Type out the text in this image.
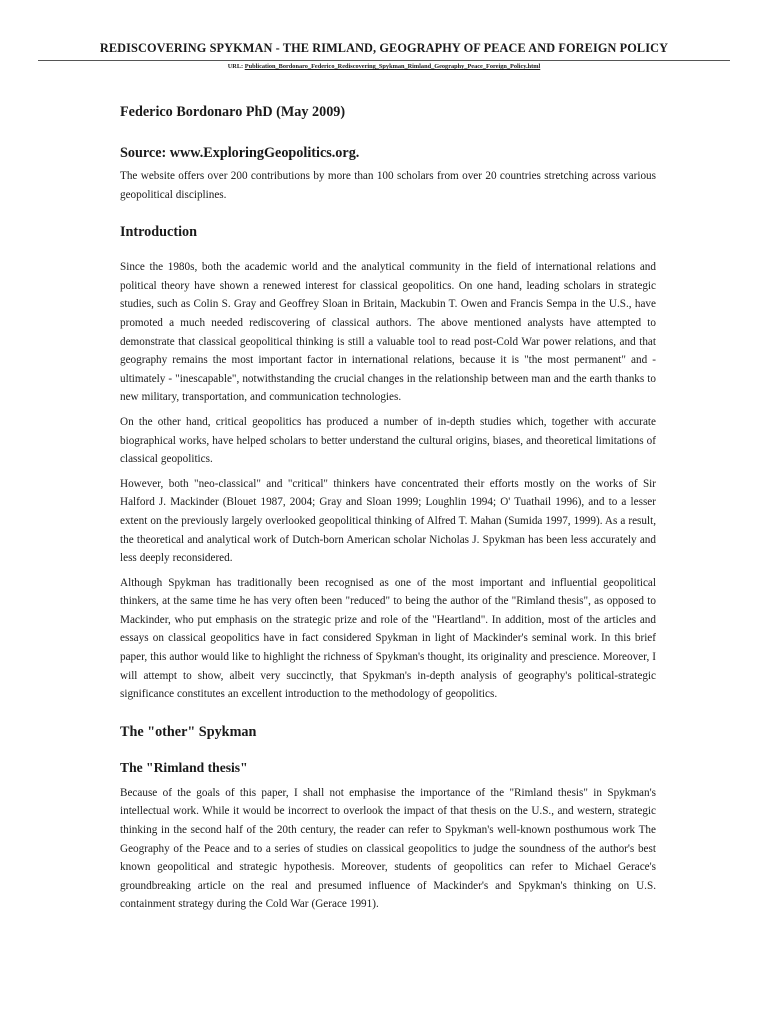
REDISCOVERING SPYKMAN - THE RIMLAND, GEOGRAPHY OF PEACE AND FOREIGN POLICY
URL: Publication_Bordonaro_Federico_Rediscovering_Spykman_Rimland_Geography_Peace_Foreign_Policy.html
Federico Bordonaro PhD (May 2009)
Source: www.ExploringGeopolitics.org.

The website offers over 200 contributions by more than 100 scholars from over 20 countries stretching across various geopolitical disciplines.

Introduction

Since the 1980s, both the academic world and the analytical community in the field of international relations and political theory have shown a renewed interest for classical geopolitics. On one hand, leading scholars in strategic studies, such as Colin S. Gray and Geoffrey Sloan in Britain, Mackubin T. Owen and Francis Sempa in the U.S., have promoted a much needed rediscovering of classical authors. The above mentioned analysts have attempted to demonstrate that classical geopolitical thinking is still a valuable tool to read post-Cold War power relations, and that geography remains the most important factor in international relations, because it is "the most permanent" and - ultimately - "inescapable", notwithstanding the crucial changes in the relationship between man and the earth thanks to new military, transportation, and communication technologies.

On the other hand, critical geopolitics has produced a number of in-depth studies which, together with accurate biographical works, have helped scholars to better understand the cultural origins, biases, and theoretical limitations of classical geopolitics.

However, both "neo-classical" and "critical" thinkers have concentrated their efforts mostly on the works of Sir Halford J. Mackinder (Blouet 1987, 2004; Gray and Sloan 1999; Loughlin 1994; O' Tuathail 1996), and to a lesser extent on the previously largely overlooked geopolitical thinking of Alfred T. Mahan (Sumida 1997, 1999). As a result, the theoretical and analytical work of Dutch-born American scholar Nicholas J. Spykman has been less accurately and less deeply reconsidered.

Although Spykman has traditionally been recognised as one of the most important and influential geopolitical thinkers, at the same time he has very often been "reduced" to being the author of the "Rimland thesis", as opposed to Mackinder, who put emphasis on the strategic prize and role of the "Heartland". In addition, most of the articles and essays on classical geopolitics have in fact considered Spykman in light of Mackinder's seminal work. In this brief paper, this author would like to highlight the richness of Spykman's thought, its originality and prescience. Moreover, I will attempt to show, albeit very succinctly, that Spykman's in-depth analysis of geography's political-strategic significance constitutes an excellent introduction to the methodology of geopolitics.

The "other" Spykman
The "Rimland thesis"

Because of the goals of this paper, I shall not emphasise the importance of the "Rimland thesis" in Spykman's intellectual work. While it would be incorrect to overlook the impact of that thesis on the U.S., and western, strategic thinking in the second half of the 20th century, the reader can refer to Spykman's well-known posthumous work The Geography of the Peace and to a series of studies on classical geopolitics to judge the soundness of the author's best known geopolitical and strategic hypothesis. Moreover, students of geopolitics can refer to Michael Gerace's groundbreaking article on the real and presumed influence of Mackinder's and Spykman's thinking on U.S. containment strategy during the Cold War (Gerace 1991).
